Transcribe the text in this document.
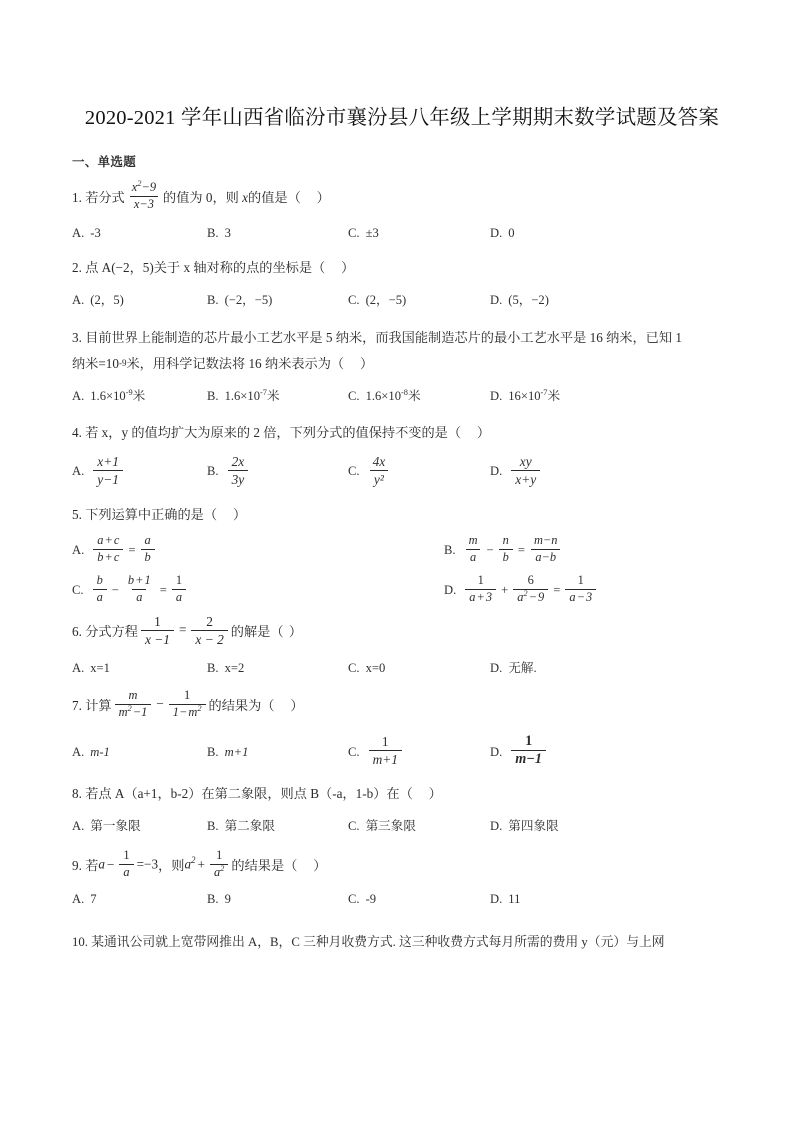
2020-2021 学年山西省临汾市襄汾县八年级上学期期末数学试题及答案
一、单选题
1.
若分式 $\frac{x^2-9}{x-3}$ 的值为 0，则 x 的值是（
）
A. -3	B. 3	C. ±3	D. 0
2.
点 A(−2，5)关于 x 轴对称的点的坐标是（
）
A. (2，5)	B. (−2，−5)	C. (2，−5)	D. (5，−2)
3. 目前世界上能制造的芯片最小工艺水平是 5 纳米，而我国能制造芯片的最小工艺水平是 16 纳米，已知 1
纳米=10 -9 米，用科学记数法将 16 纳米表示为（
）
A. $1.6\times 10^{-9}$米	B. $1.6\times 10^{-7}$米	C. $1.6\times 10^{-8}$米	D. $16\times 10^{-7}$米
4.
若 x，y 的值均扩大为原来的 2 倍，下列分式的值保持不变的是（
）
A. $\frac{x+1}{y-1}$	B. $\frac{2x}{3y}$	C. $\frac{4x}{\text{y²}}$	D. $\frac{xy}{x+y}$
5.
下列运算中正确的是（
）
A. $\frac{a + c}{b + c} = \frac{a}{b}$	B. $\frac{m}{a} - \frac{n}{b} = \frac{m-n}{a-b}$
C. $\frac{b}{a} - \frac{b + 1}{a} = \frac{1}{a}$	D. $\frac{1}{a + 3} + \frac{6}{a^2 - 9} = \frac{1}{a - 3}$
6.
分式方程 $\frac{1}{x -1} = \frac{2}{x - 2}$ 的解是（
）
A. x=1	B. x=2	C. x=0	D. 无解.
7.
计算 $\frac{m}{m^2 -1} - \frac{1}{1- m^2}$ 的结果为（
）
A. m-1	B. m+1	C. $\frac{1}{m+1}$	D. $\frac{1}{m-1}$
8.
若点 A（a+1，b-2）在第二象限，则点 B（-a，1-b）在（
）
A. 第一象限	B. 第二象限	C. 第三象限	D. 第四象限
9.
若 $a - \frac{1}{a} =-3$ ，则 $a^2 + \frac{1}{a^2}$ 的结果是（
）
A. 7	B. 9	C. -9	D. 11
10. 某通讯公司就上宽带网推出 A，B，C 三种月收费方式. 这三种收费方式每月所需的费用 y（元）与上网
